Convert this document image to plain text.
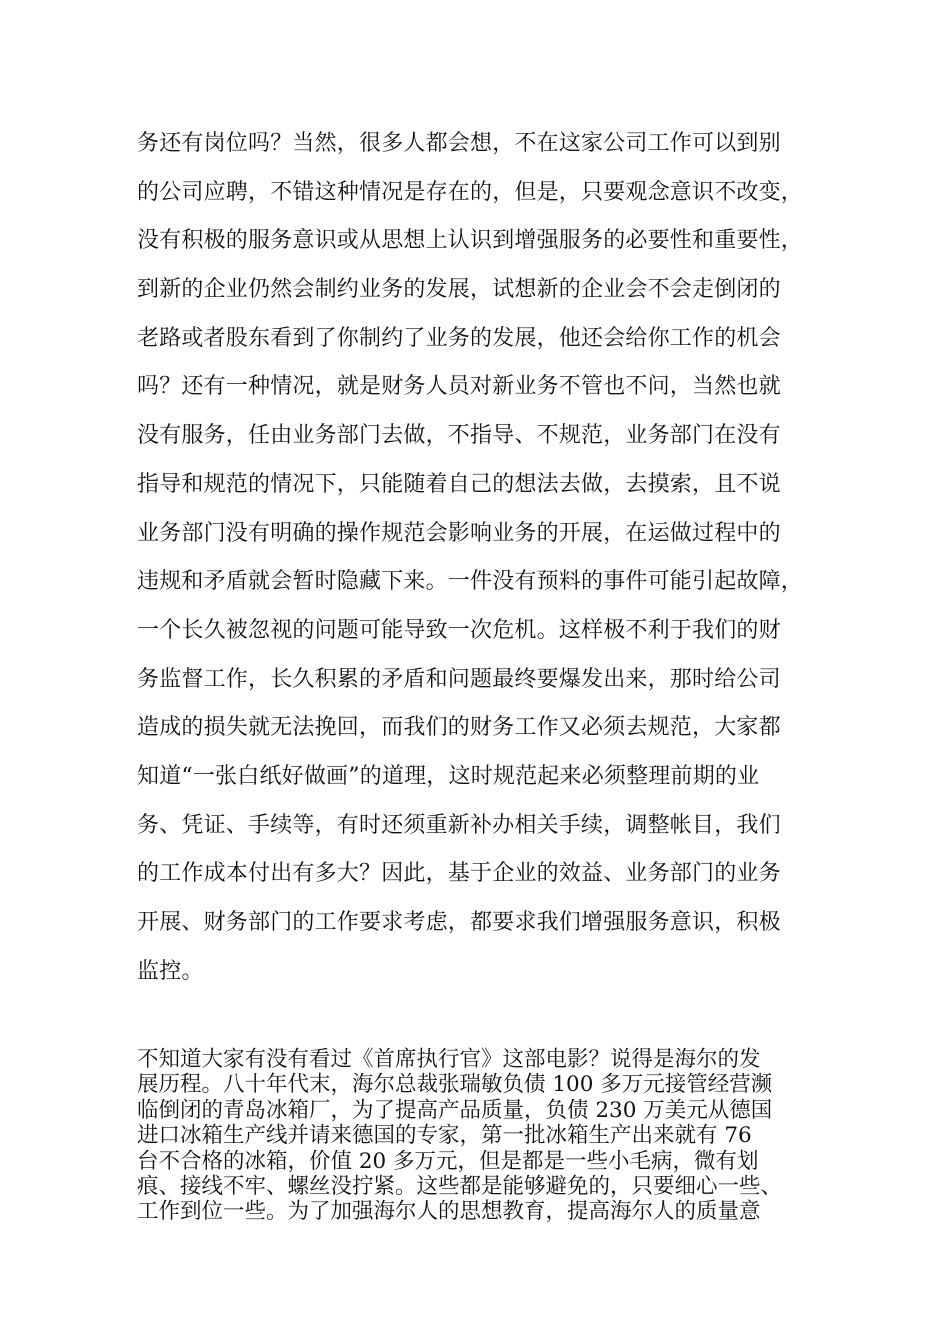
务还有岗位吗？当然，很多人都会想，不在这家公司工作可以到别
的公司应聘，不错这种情况是存在的，但是，只要观念意识不改变，
没有积极的服务意识或从思想上认识到增强服务的必要性和重要性，
到新的企业仍然会制约业务的发展，试想新的企业会不会走倒闭的
老路或者股东看到了你制约了业务的发展，他还会给你工作的机会
吗？还有一种情况，就是财务人员对新业务不管也不问，当然也就
没有服务，任由业务部门去做，不指导、不规范，业务部门在没有
指导和规范的情况下，只能随着自己的想法去做，去摸索，且不说
业务部门没有明确的操作规范会影响业务的开展，在运做过程中的
违规和矛盾就会暂时隐藏下来。一件没有预料的事件可能引起故障，
一个长久被忽视的问题可能导致一次危机。这样极不利于我们的财
务监督工作，长久积累的矛盾和问题最终要爆发出来，那时给公司
造成的损失就无法挽回，而我们的财务工作又必须去规范，大家都
知道“一张白纸好做画”的道理，这时规范起来必须整理前期的业
务、凭证、手续等，有时还须重新补办相关手续，调整帐目，我们
的工作成本付出有多大？因此，基于企业的效益、业务部门的业务
开展、财务部门的工作要求考虑，都要求我们增强服务意识，积极
监控。
不知道大家有没有看过《首席执行官》这部电影？说得是海尔的发
展历程。八十年代末，海尔总裁张瑞敏负债 100 多万元接管经营濒
临倒闭的青岛冰箱厂，为了提高产品质量，负债 230 万美元从德国
进口冰箱生产线并请来德国的专家，第一批冰箱生产出来就有 76
台不合格的冰箱，价值 20 多万元，但是都是一些小毛病，微有划
痕、接线不牢、螺丝没拧紧。这些都是能够避免的，只要细心一些、
工作到位一些。为了加强海尔人的思想教育，提高海尔人的质量意
